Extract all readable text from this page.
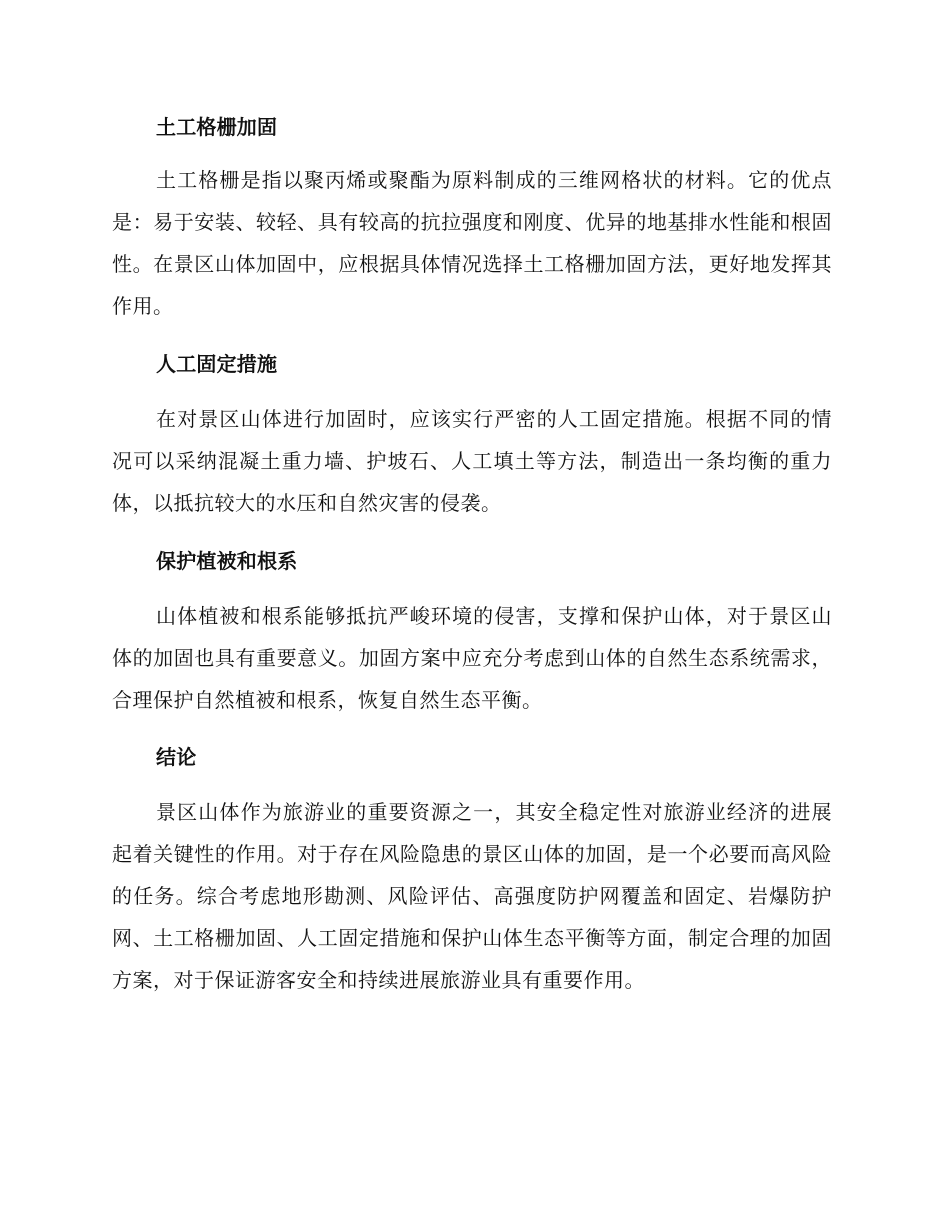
土工格栅加固

土工格栅是指以聚丙烯或聚酯为原料制成的三维网格状的材料。它的优点是：易于安装、较轻、具有较高的抗拉强度和刚度、优异的地基排水性能和根固性。在景区山体加固中，应根据具体情况选择土工格栅加固方法，更好地发挥其作用。

人工固定措施

在对景区山体进行加固时，应该实行严密的人工固定措施。根据不同的情况可以采纳混凝土重力墙、护坡石、人工填土等方法，制造出一条均衡的重力体，以抵抗较大的水压和自然灾害的侵袭。

保护植被和根系

山体植被和根系能够抵抗严峻环境的侵害，支撑和保护山体，对于景区山体的加固也具有重要意义。加固方案中应充分考虑到山体的自然生态系统需求，合理保护自然植被和根系，恢复自然生态平衡。

结论

景区山体作为旅游业的重要资源之一，其安全稳定性对旅游业经济的进展起着关键性的作用。对于存在风险隐患的景区山体的加固，是一个必要而高风险的任务。综合考虑地形勘测、风险评估、高强度防护网覆盖和固定、岩爆防护网、土工格栅加固、人工固定措施和保护山体生态平衡等方面，制定合理的加固方案，对于保证游客安全和持续进展旅游业具有重要作用。
